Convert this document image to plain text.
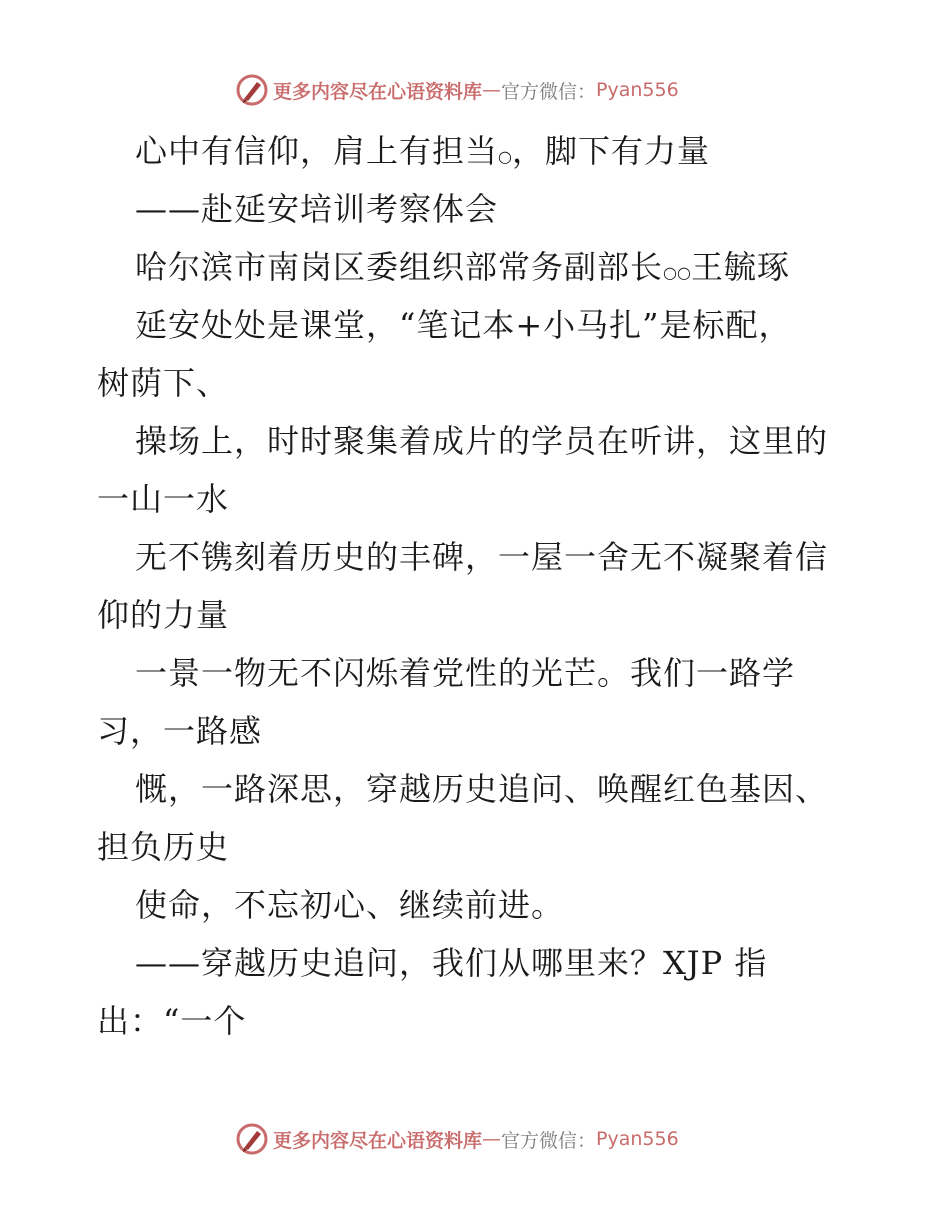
更多内容尽在心语资料库 — 官方微信： Pyan556
心中有信仰，肩上有担当○，脚下有力量
——赴延安培训考察体会
哈尔滨市南岗区委组织部常务副部长○○王毓琢
延安处处是课堂，“笔记本+小马扎”是标配，
树荫下、
操场上，时时聚集着成片的学员在听讲，这里的
一山一水
无不镌刻着历史的丰碑，一屋一舍无不凝聚着信
仰的力量
一景一物无不闪烁着党性的光芒。我们一路学
习，一路感
慨，一路深思，穿越历史追问、唤醒红色基因、
担负历史
使命，不忘初心、继续前进。
——穿越历史追问，我们从哪里来？XJP 指
出：“一个
更多内容尽在心语资料库 — 官方微信： Pyan556
